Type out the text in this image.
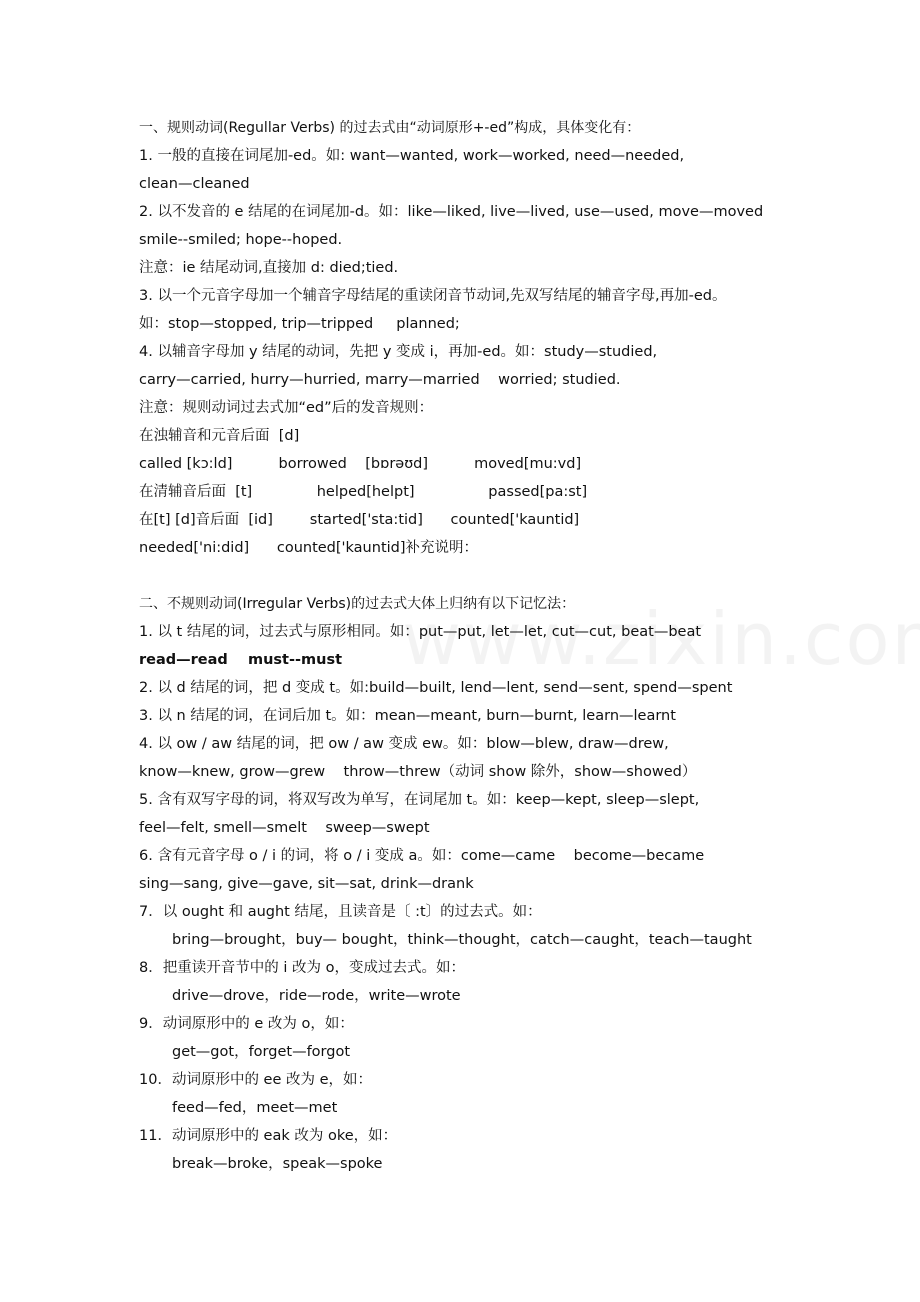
一、规则动词(Regullar Verbs) 的过去式由“动词原形+-ed”构成，具体变化有：
1. 一般的直接在词尾加-ed。如: want—wanted, work—worked, need—needed,
clean—cleaned
2. 以不发音的 e 结尾的在词尾加-d。如：like—liked, live—lived, use—used, move—moved
smile--smiled; hope--hoped.
注意：ie 结尾动词,直接加 d: died;tied.
3. 以一个元音字母加一个辅音字母结尾的重读闭音节动词,先双写结尾的辅音字母,再加-ed。
如：stop—stopped, trip—tripped     planned;
4. 以辅音字母加 y 结尾的动词，先把 y 变成 i，再加-ed。如：study—studied,
carry—carried, hurry—hurried, marry—married    worried; studied.
注意：规则动词过去式加“ed”后的发音规则：
在浊辅音和元音后面  [d]
called [kɔ:ld]          borrowed    [bɒrəʊd]          moved[mu:vd]
在清辅音后面  [t]              helped[helpt]                passed[pa:st]
在[t] [d]音后面  [id]        started['sta:tid]      counted['kauntid]
needed['ni:did]      counted['kauntid]补充说明：
二、不规则动词(Irregular Verbs)的过去式大体上归纳有以下记忆法：
1. 以 t 结尾的词，过去式与原形相同。如：put—put, let—let, cut—cut, beat—beat
read—read    must--must
2. 以 d 结尾的词，把 d 变成 t。如:build—built, lend—lent, send—sent, spend—spent
3. 以 n 结尾的词，在词后加 t。如：mean—meant, burn—burnt, learn—learnt
4. 以 ow / aw 结尾的词，把 ow / aw 变成 ew。如：blow—blew, draw—drew,
know—knew, grow—grew    throw—threw（动词 show 除外，show—showed）
5. 含有双写字母的词，将双写改为单写，在词尾加 t。如：keep—kept, sleep—slept,
feel—felt, smell—smelt    sweep—swept
6. 含有元音字母 o / i 的词，将 o / i 变成 a。如：come—came    become—became
sing—sang, give—gave, sit—sat, drink—drank
7．以 ought 和 aught 结尾，且读音是〔 :t〕的过去式。如：
bring—brought，buy— bought，think—thought，catch—caught，teach—taught
8．把重读开音节中的 i 改为 o，变成过去式。如：
drive—drove，ride—rode，write—wrote
9．动词原形中的 e 改为 o，如：
get—got，forget—forgot
10．动词原形中的 ee 改为 e，如：
feed—fed，meet—met
11．动词原形中的 eak 改为 oke，如：
break—broke，speak—spoke
